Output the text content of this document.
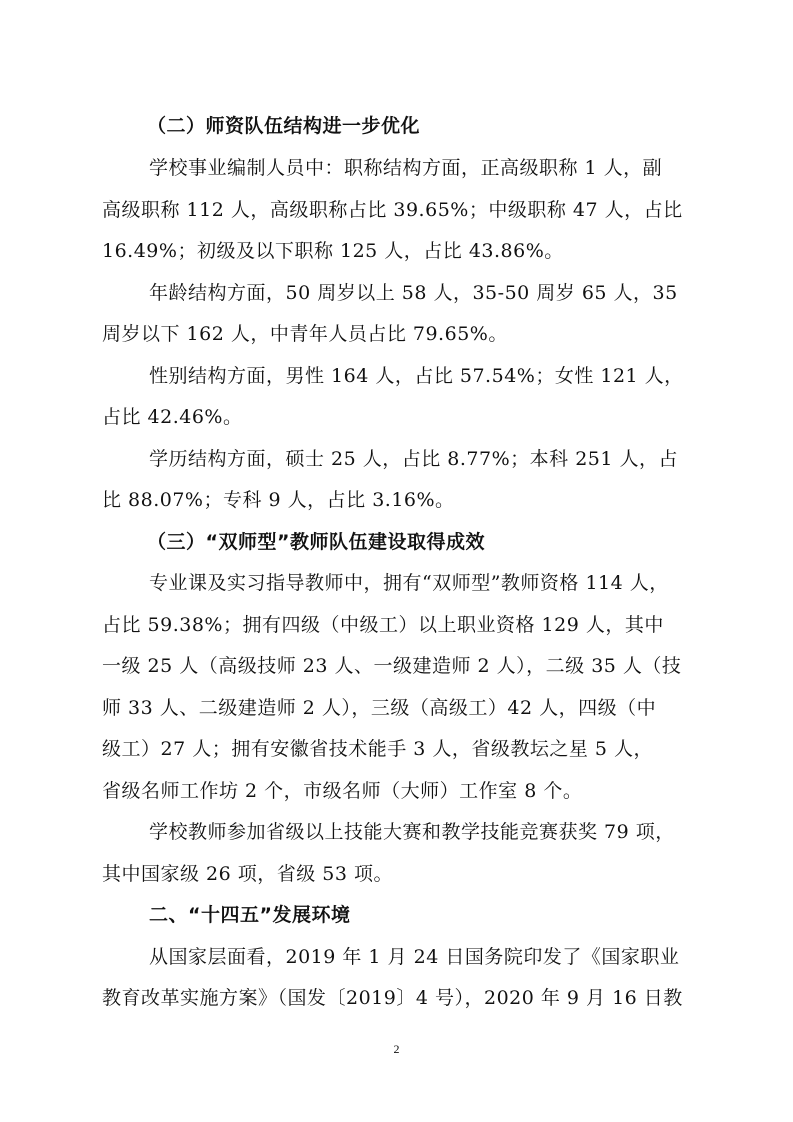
（二）师资队伍结构进一步优化
学校事业编制人员中：职称结构方面，正高级职称 1 人，副
高级职称 112 人，高级职称占比 39.65%；中级职称 47 人，占比
16.49%；初级及以下职称 125 人，占比 43.86%。
年龄结构方面，50 周岁以上 58 人，35-50 周岁 65 人，35
周岁以下 162 人，中青年人员占比 79.65%。
性别结构方面，男性 164 人，占比 57.54%；女性 121 人，
占比 42.46%。
学历结构方面，硕士 25 人，占比 8.77%；本科 251 人，占
比 88.07%；专科 9 人，占比 3.16%。
（三）“双师型”教师队伍建设取得成效
专业课及实习指导教师中，拥有“双师型”教师资格 114 人，
占比 59.38%；拥有四级（中级工）以上职业资格 129 人，其中
一级 25 人（高级技师 23 人、一级建造师 2 人），二级 35 人（技
师 33 人、二级建造师 2 人），三级（高级工）42 人，四级（中
级工）27 人；拥有安徽省技术能手 3 人，省级教坛之星 5 人，
省级名师工作坊 2 个，市级名师（大师）工作室 8 个。
学校教师参加省级以上技能大赛和教学技能竞赛获奖 79 项，
其中国家级 26 项，省级 53 项。
二、“十四五”发展环境
从国家层面看，2019 年 1 月 24 日国务院印发了《国家职业
教育改革实施方案》（国发〔2019〕4 号），2020 年 9 月 16 日教
2
